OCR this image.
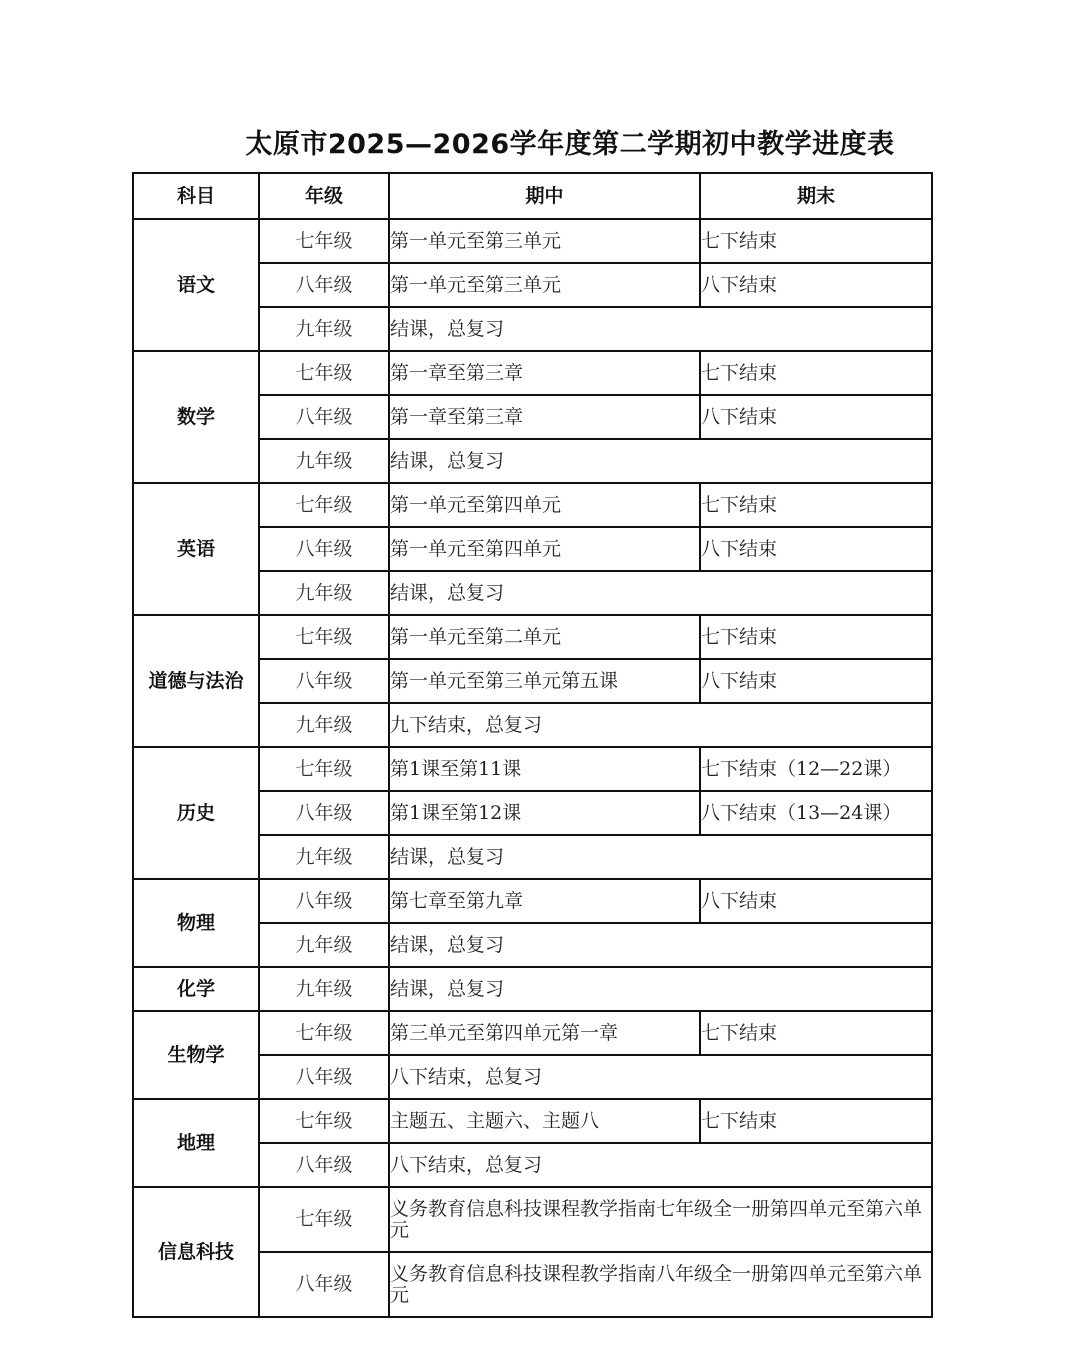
太原市2025—2026学年度第二学期初中教学进度表
科目	年级	期中	期末
语文	七年级	第一单元至第三单元	七下结束
	八年级	第一单元至第三单元	八下结束
	九年级	结课，总复习	
数学	七年级	第一章至第三章	七下结束
	八年级	第一章至第三章	八下结束
	九年级	结课，总复习	
英语	七年级	第一单元至第四单元	七下结束
	八年级	第一单元至第四单元	八下结束
	九年级	结课，总复习	
道德与法治	七年级	第一单元至第二单元	七下结束
	八年级	第一单元至第三单元第五课	八下结束
	九年级	九下结束，总复习	
历史	七年级	第1课至第11课	七下结束（12—22课）
	八年级	第1课至第12课	八下结束（13—24课）
	九年级	结课，总复习	
物理	八年级	第七章至第九章	八下结束
	九年级	结课，总复习	
化学	九年级	结课，总复习	
生物学	七年级	第三单元至第四单元第一章	七下结束
	八年级	八下结束，总复习	
地理	七年级	主题五、主题六、主题八	七下结束
	八年级	八下结束，总复习	
信息科技	七年级	义务教育信息科技课程教学指南七年级全一册第四单元至第六单元	
	八年级	义务教育信息科技课程教学指南八年级全一册第四单元至第六单元	
